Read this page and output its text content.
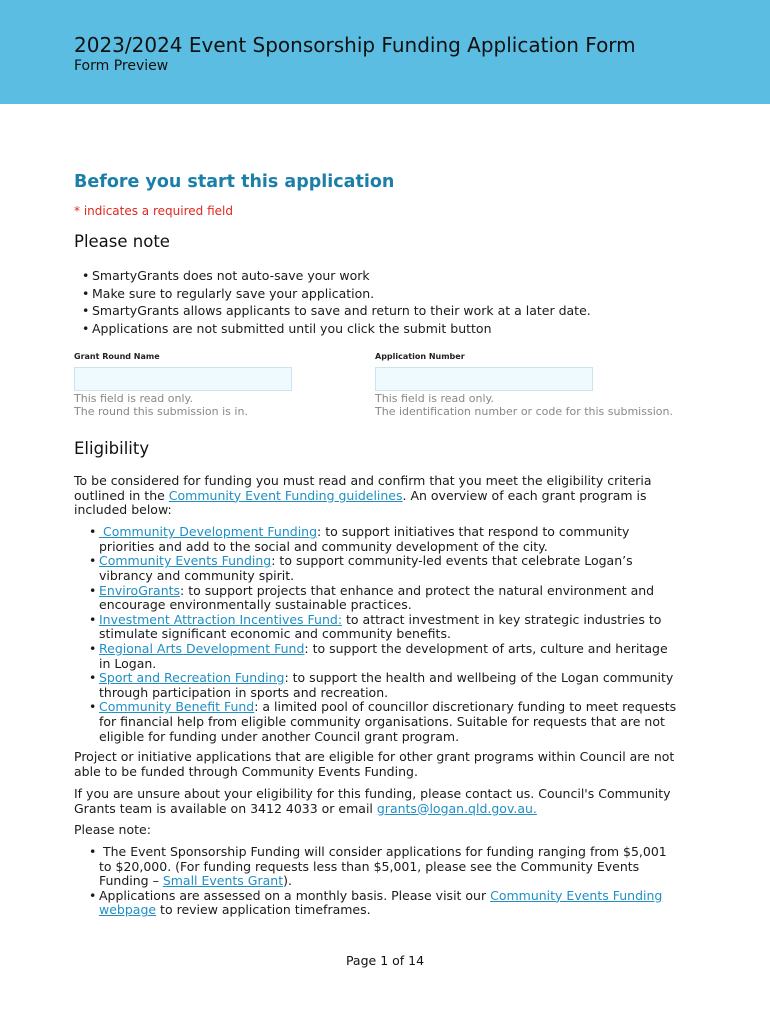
2023/2024 Event Sponsorship Funding Application Form
Form Preview
Before you start this application
* indicates a required field
Please note
• SmartyGrants does not auto-save your work
• Make sure to regularly save your application.
• SmartyGrants allows applicants to save and return to their work at a later date.
• Applications are not submitted until you click the submit button
Grant Round Name
This field is read only.
The round this submission is in.
Application Number
This field is read only.
The identification number or code for this submission.
Eligibility

To be considered for funding you must read and confirm that you meet the eligibility criteria outlined in the Community Event Funding guidelines. An overview of each grant program is included below:

• Community Development Funding: to support initiatives that respond to community priorities and add to the social and community development of the city.
• Community Events Funding: to support community-led events that celebrate Logan’s vibrancy and community spirit.
• EnviroGrants: to support projects that enhance and protect the natural environment and encourage environmentally sustainable practices.
• Investment Attraction Incentives Fund: to attract investment in key strategic industries to stimulate significant economic and community benefits.
• Regional Arts Development Fund: to support the development of arts, culture and heritage in Logan.
• Sport and Recreation Funding: to support the health and wellbeing of the Logan community through participation in sports and recreation.
• Community Benefit Fund: a limited pool of councillor discretionary funding to meet requests for financial help from eligible community organisations. Suitable for requests that are not eligible for funding under another Council grant program.

Project or initiative applications that are eligible for other grant programs within Council are not able to be funded through Community Events Funding.

If you are unsure about your eligibility for this funding, please contact us. Council's Community Grants team is available on 3412 4033 or email grants@logan.qld.gov.au.

Please note:

• The Event Sponsorship Funding will consider applications for funding ranging from $5,001 to $20,000. (For funding requests less than $5,001, please see the Community Events Funding – Small Events Grant).
• Applications are assessed on a monthly basis. Please visit our Community Events Funding webpage to review application timeframes.
Page 1 of 14
